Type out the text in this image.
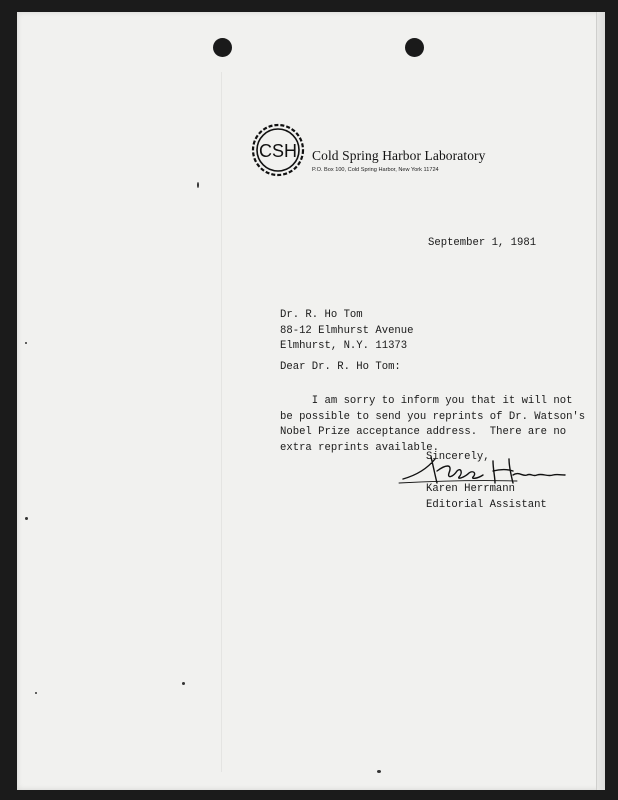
CSH Cold Spring Harbor Laboratory
P.O. Box 100, Cold Spring Harbor, New York 11724
September 1, 1981
Dr. R. Ho Tom
88-12 Elmhurst Avenue
Elmhurst, N.Y. 11373
Dear Dr. R. Ho Tom:
I am sorry to inform you that it will not
be possible to send you reprints of Dr. Watson's
Nobel Prize acceptance address.  There are no
extra reprints available.
Sincerely,
Karen Herrmann
Editorial Assistant
